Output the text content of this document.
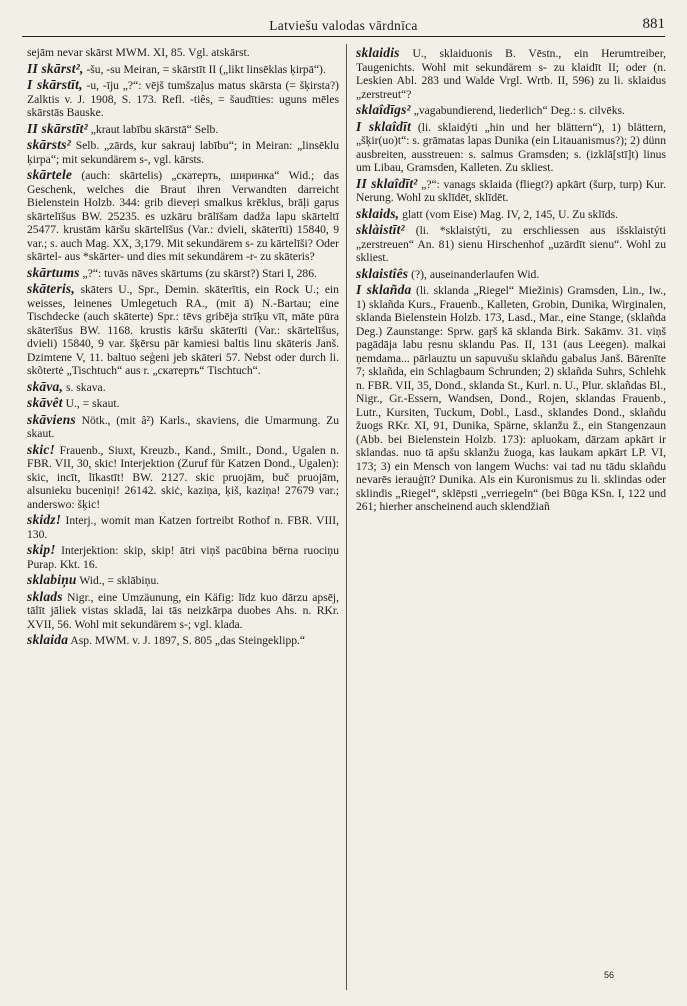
Latviešu valodas vārdnīca	881

sejām nevar skārst MWM. XI, 85. Vgl. atskārst.

II skārst², -šu, -su Meiran, = skārstīt II („likt linsēklas ķirpā“).

I skārstīt, -u, -īju „?“: vējš tumšzaļus matus skārsta (= šķirsta?) Zalktis v. J. 1908, S. 173. Refl. -tiês, = šaudīties: uguns mēles skārstās Bauske.

II skārstīt² „kraut labību skārstā“ Selb.

skārsts² Selb. „zārds, kur sakrauj labību“; in Meiran: „linsēklu ķirpa“; mit sekundärem s-, vgl. kārsts.

skārtele (auch: skārtelis) „скатерть, ширинка“ Wid.; das Geschenk, welches die Braut ihren Verwandten darreicht Bielenstein Holzb. 344: grib dieveŗi smalkus krēklus, brāļi gaŗus skārtelīšus BW. 25235. es uzkāru brālīšam dadža lapu skārteltī 25477. krustām kāršu skārtelīšus (Var.: dvieli, skāterīti) 15840, 9 var.; s. auch Mag. XX, 3,179. Mit sekundärem s- zu kārtelīši? Oder skārtel- aus *skārter- und dies mit sekundärem -r- zu skāteris?

skārtums „?“: tuvās nāves skārtums (zu skārst?) Stari I, 286.

skāteris, skāters U., Spr., Demin. skāterītis, ein Rock U.; ein weisses, leinenes Umlegetuch RA., (mit ā) N.-Bartau; eine Tischdecke (auch skāterte) Spr.: tēvs gribēja strīķu vīt, māte pūra skāterīšus BW. 1168. krustis kāršu skāterīti (Var.: skārtelīšus, dvieli) 15840, 9 var. šķērsu pār kamiesi baltis linu skāteris Janš. Dzimtene V, 11. baltuo seģeni jeb skāteri 57. Nebst oder durch li. skõtertė „Tischtuch“ aus r. „скатерть“ Tischtuch“.

skāva, s. skava.

skāvêt U., = skaut.

skāviens Nötk., (mit â²) Karls., skaviens, die Umarmung. Zu skaut.

skic! Frauenb., Siuxt, Kreuzb., Kand., Smilt., Dond., Ugalen n. FBR. VII, 30, skic! Interjektion (Zuruf für Katzen Dond., Ugalen): skic, incīt, līkastīt! BW. 2127. skic pruojām, buč pruojām, alsunieku buceniņi! 26142. skiċ, kaziņa, ķiš, kaziņa! 27679 var.; anderswo: šķic!

skidz! Interj., womit man Katzen fortreibt Rothof n. FBR. VIII, 130.

skip! Interjektion: skip, skip! ātri viņš pacūbina bērna ruociņu Purap. Kkt. 16.

sklabiņu Wid., = sklābiņu.

sklads Nigr., eine Umzäunung, ein Käfig: līdz kuo dārzu apsēj, tālīt jāliek vistas skladā, lai tās neizkārpa duobes Ahs. n. RKr. XVII, 56. Wohl mit sekundärem s-; vgl. klada.

sklaida Asp. MWM. v. J. 1897, S. 805 „das Steingeklipp.“

sklaidis U., sklaiduonis B. Vēstn., ein Herumtreiber, Taugenichts. Wohl mit sekundärem s- zu klaidīt II; oder (n. Leskien Abl. 283 und Walde Vrgl. Wrtb. II, 596) zu li. sklaidus „zerstreut“?

sklaîdīgs² „vagabundierend, liederlich“ Deg.: s. cilvēks.

I sklaîdīt (li. sklaidýti „hin und her blättern“), 1) blättern, „šķir(uo)t“: s. grāmatas lapas Dunika (ein Litauanismus?); 2) dünn ausbreiten, ausstreuen: s. salmus Gramsden; s. (izklā[stī]t) linus um Libau, Gramsden, Kalleten. Zu skliest.

II sklaîdīt² „?“: vanags sklaida (fliegt?) apkārt (šurp, turp) Kur. Nerung. Wohl zu sklīdēt, sklīdēt.

sklaids, glatt (vom Eise) Mag. IV, 2, 145, U. Zu sklīds.

sklàistīt² (li. *sklaistýti, zu erschliessen aus išsklaistýti „zerstreuen“ An. 81) sienu Hirschenhof „uzārdīt sienu“. Wohl zu skliest.

sklaistîês (?), auseinanderlaufen Wid.

I sklañda (li. sklanda „Riegel“ Miežinis) Gramsden, Lin., Iw., 1) sklañda Kurs., Frauenb., Kalleten, Grobin, Dunika, Wirginalen, sklanda Bielenstein Holzb. 173, Lasd., Mar., eine Stange, (sklañda Deg.) Zaunstange: Sprw. gaŗš kā sklanda Birk. Sakāmv. 31. viņš pagādāja labu ŗesnu sklandu Pas. II, 131 (aus Leegen). malkai ņemdama... pārlauztu un sapuvušu sklañdu gabalus Janš. Bārenīte 7; sklañda, ein Schlagbaum Schrunden; 2) sklañda Suhrs, Schlehk n. FBR. VII, 35, Dond., sklanda St., Kurl. n. U., Plur. sklañdas Bl., Nigr., Gr.-Essern, Wandsen, Dond., Rojen, sklandas Frauenb., Lutr., Kursiten, Tuckum, Dobl., Lasd., sklandes Dond., sklañdu žuogs RKr. XI, 91, Dunika, Spärne, sklanžu ž., ein Stangenzaun (Abb. bei Bielenstein Holzb. 173): apluokam, dārzam apkārt ir sklandas. nuo tā apšu sklanžu žuoga, kas laukam apkārt LP. VI, 173; 3) ein Mensch von langem Wuchs: vai tad nu tādu sklañdu nevarēs ierauģīt? Dunika. Als ein Kuronismus zu li. sklindas oder sklindis „Riegel“, sklēpsti „verriegeln“ (bei Būga KSn. I, 122 und 261; hierher anscheinend auch sklendžiañ

56
